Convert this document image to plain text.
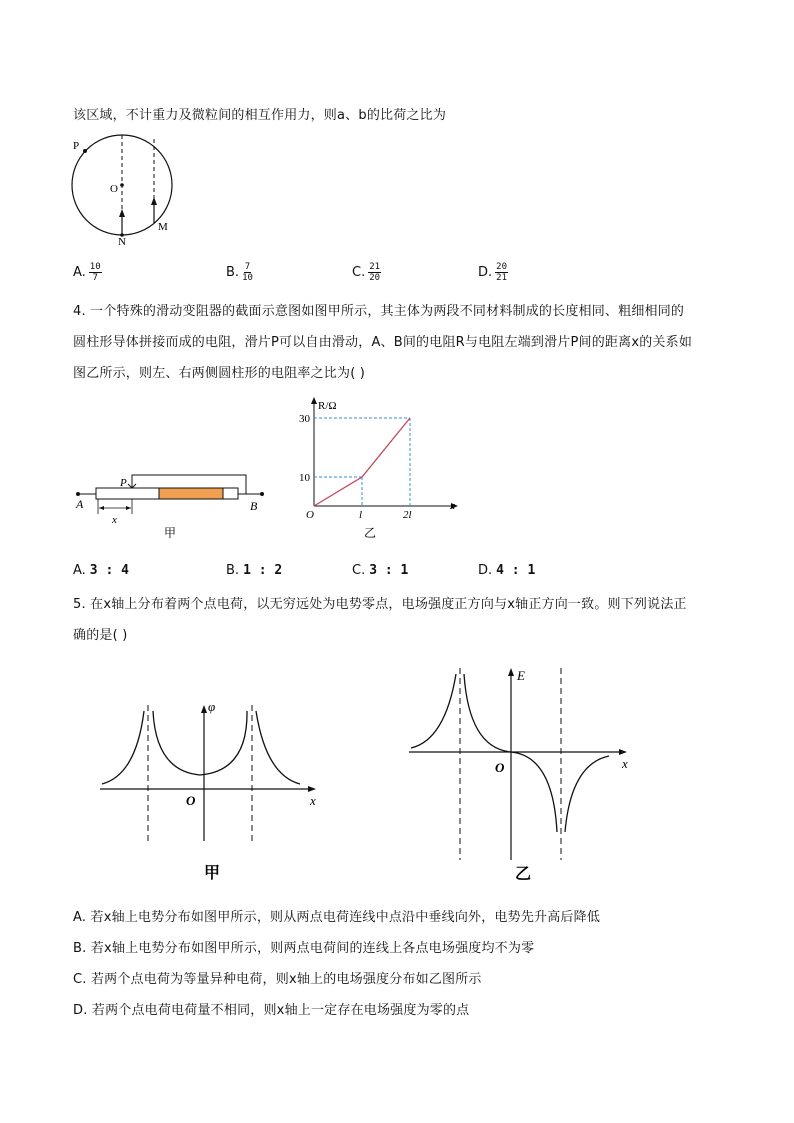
该区域，不计重力及微粒间的相互作用力，则a、b的比荷之比为
P
O
N
M
A. $\frac{10}{7}$	B. $\frac{7}{10}$	C. $\frac{21}{20}$	D. $\frac{20}{21}$
4. 一个特殊的滑动变阻器的截面示意图如图甲所示，其主体为两段不同材料制成的长度相同、粗细相同的
圆柱形导体拼接而成的电阻，滑片P可以自由滑动，A、B间的电阻R与电阻左端到滑片P间的距离x的关系如
图乙所示，则左、右两侧圆柱形的电阻率之比为( )
P
A	B
x
甲
R/Ω
30
10
O	l	2l
x
乙
A. 3 : 4	B. 1 : 2	C. 3 : 1	D. 4 : 1
5. 在x轴上分布着两个点电荷，以无穷远处为电势零点，电场强度正方向与x轴正方向一致。则下列说法正
确的是( )
φ
O	x
甲
E
O	x
乙
A. 若x轴上电势分布如图甲所示，则从两点电荷连线中点沿中垂线向外，电势先升高后降低
B. 若x轴上电势分布如图甲所示，则两点电荷间的连线上各点电场强度均不为零
C. 若两个点电荷为等量异种电荷，则x轴上的电场强度分布如乙图所示
D. 若两个点电荷电荷量不相同，则x轴上一定存在电场强度为零的点
